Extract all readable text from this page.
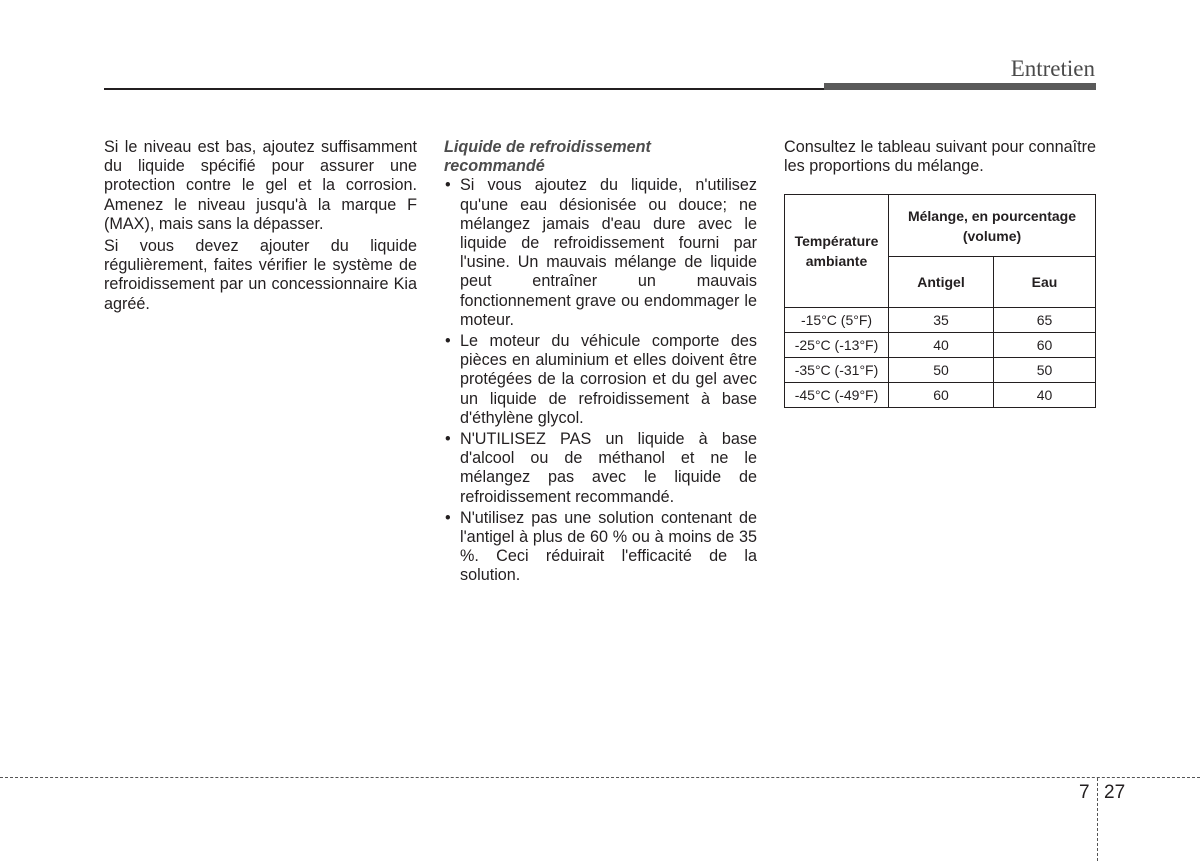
Entretien

Si le niveau est bas, ajoutez suffisamment du liquide spécifié pour assurer une protection contre le gel et la corrosion. Amenez le niveau jusqu'à la marque F (MAX), mais sans la dépasser.

Si vous devez ajouter du liquide régulièrement, faites vérifier le système de refroidissement par un concessionnaire Kia agréé.

Liquide de refroidissement
recommandé

• Si vous ajoutez du liquide, n'utilisez qu'une eau désionisée ou douce; ne mélangez jamais d'eau dure avec le liquide de refroidissement fourni par l'usine. Un mauvais mélange de liquide peut entraîner un mauvais fonctionnement grave ou endommager le moteur.
• Le moteur du véhicule comporte des pièces en aluminium et elles doivent être protégées de la corrosion et du gel avec un liquide de refroidissement à base d'éthylène glycol.
• N'UTILISEZ PAS un liquide à base d'alcool ou de méthanol et ne le mélangez pas avec le liquide de refroidissement recommandé.
• N'utilisez pas une solution contenant de l'antigel à plus de 60 % ou à moins de 35 %. Ceci réduirait l'efficacité de la solution.

Consultez le tableau suivant pour connaître les proportions du mélange.

Température
ambiante	Mélange, en pourcentage
(volume)	
	Antigel	Eau
-15°C (5°F)	35	65
-25°C (-13°F)	40	60
-35°C (-31°F)	50	50
-45°C (-49°F)	60	40
7 27
